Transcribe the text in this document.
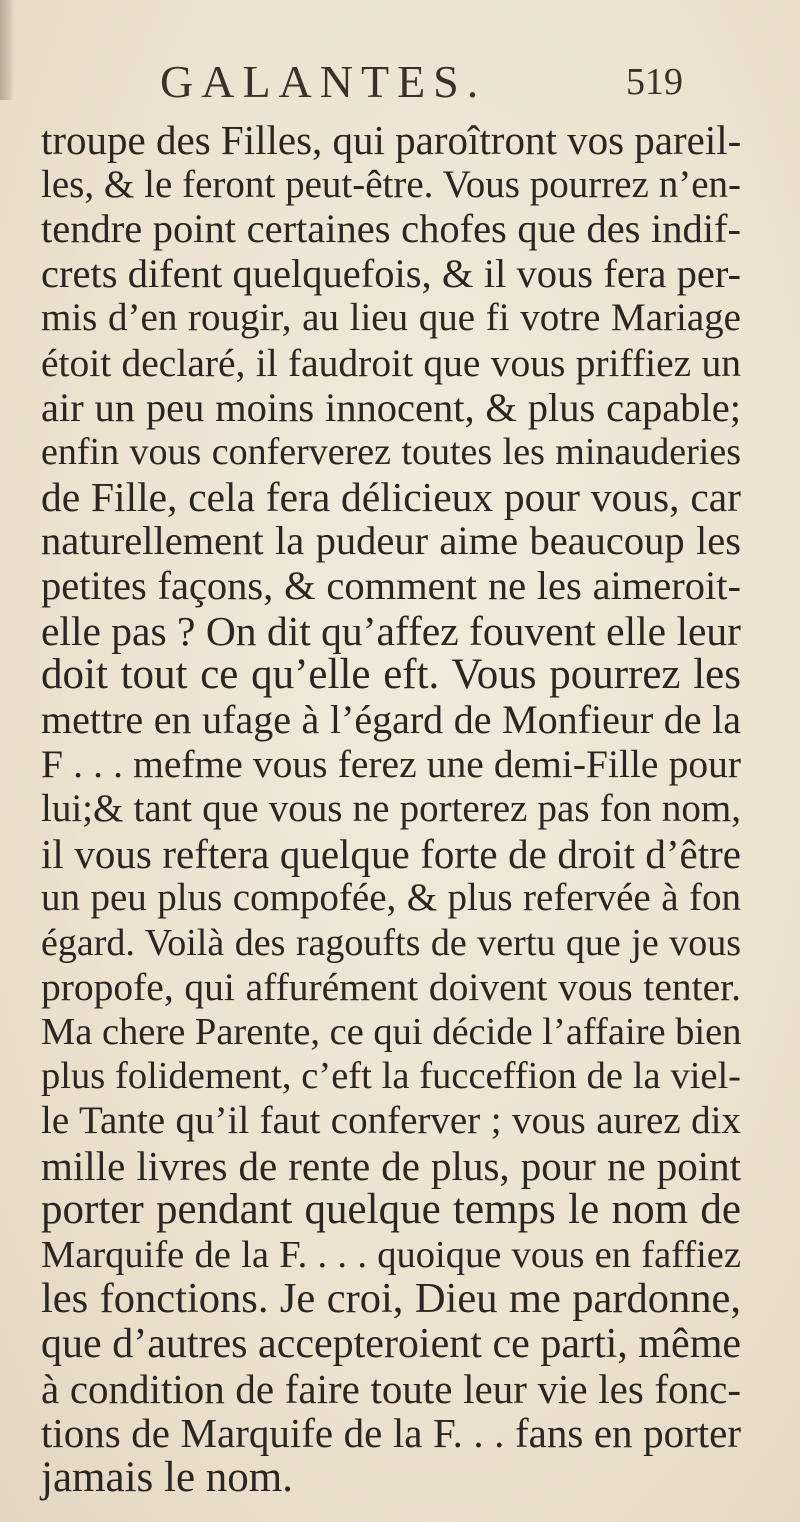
GALANTES.	519
troupe des Filles, qui paroîtront vos pareil-
les, & le feront peut-être. Vous pourrez n’en-
tendre point certaines chofes que des indif-
crets difent quelquefois, & il vous fera per-
mis d’en rougir, au lieu que fi votre Mariage
étoit declaré, il faudroit que vous priffiez un
air un peu moins innocent, & plus capable;
enfin vous conferverez toutes les minauderies
de Fille, cela fera délicieux pour vous, car
naturellement la pudeur aime beaucoup les
petites façons, & comment ne les aimeroit-
elle pas ? On dit qu’affez fouvent elle leur
doit tout ce qu’elle eft. Vous pourrez les
mettre en ufage à l’égard de Monfieur de la
F . . . mefme vous ferez une demi-Fille pour
lui;& tant que vous ne porterez pas fon nom,
il vous reftera quelque forte de droit d’être
un peu plus compofée, & plus refervée à fon
égard. Voilà des ragoufts de vertu que je vous
propofe, qui affurément doivent vous tenter.
Ma chere Parente, ce qui décide l’affaire bien
plus folidement, c’eft la fucceffion de la viel-
le Tante qu’il faut conferver ; vous aurez dix
mille livres de rente de plus, pour ne point
porter pendant quelque temps le nom de
Marquife de la F. . . . quoique vous en faffiez
les fonctions. Je croi, Dieu me pardonne,
que d’autres accepteroient ce parti, même
à condition de faire toute leur vie les fonc-
tions de Marquife de la F. . . fans en porter
jamais le nom.
